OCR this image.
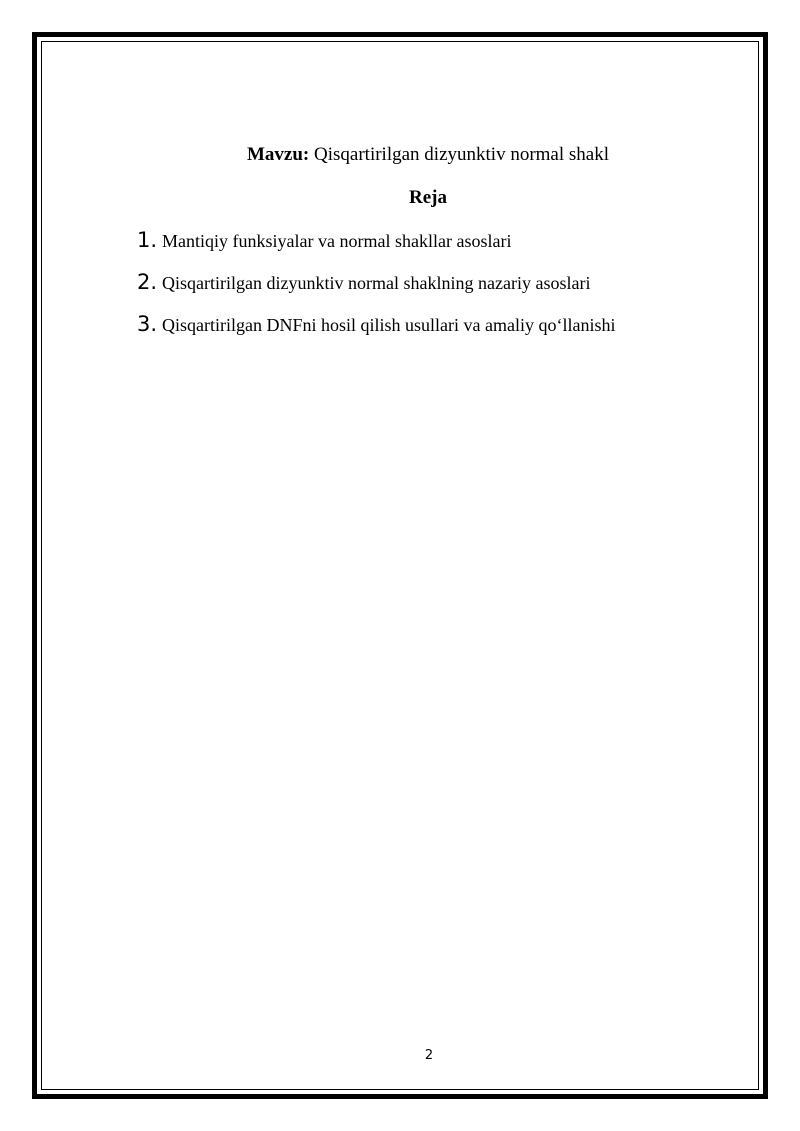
Mavzu: Qisqartirilgan dizyunktiv normal shakl
Reja
1. Mantiqiy funksiyalar va normal shakllar asoslari
2. Qisqartirilgan dizyunktiv normal shaklning nazariy asoslari
3. Qisqartirilgan DNFni hosil qilish usullari va amaliy qo‘llanishi
2
